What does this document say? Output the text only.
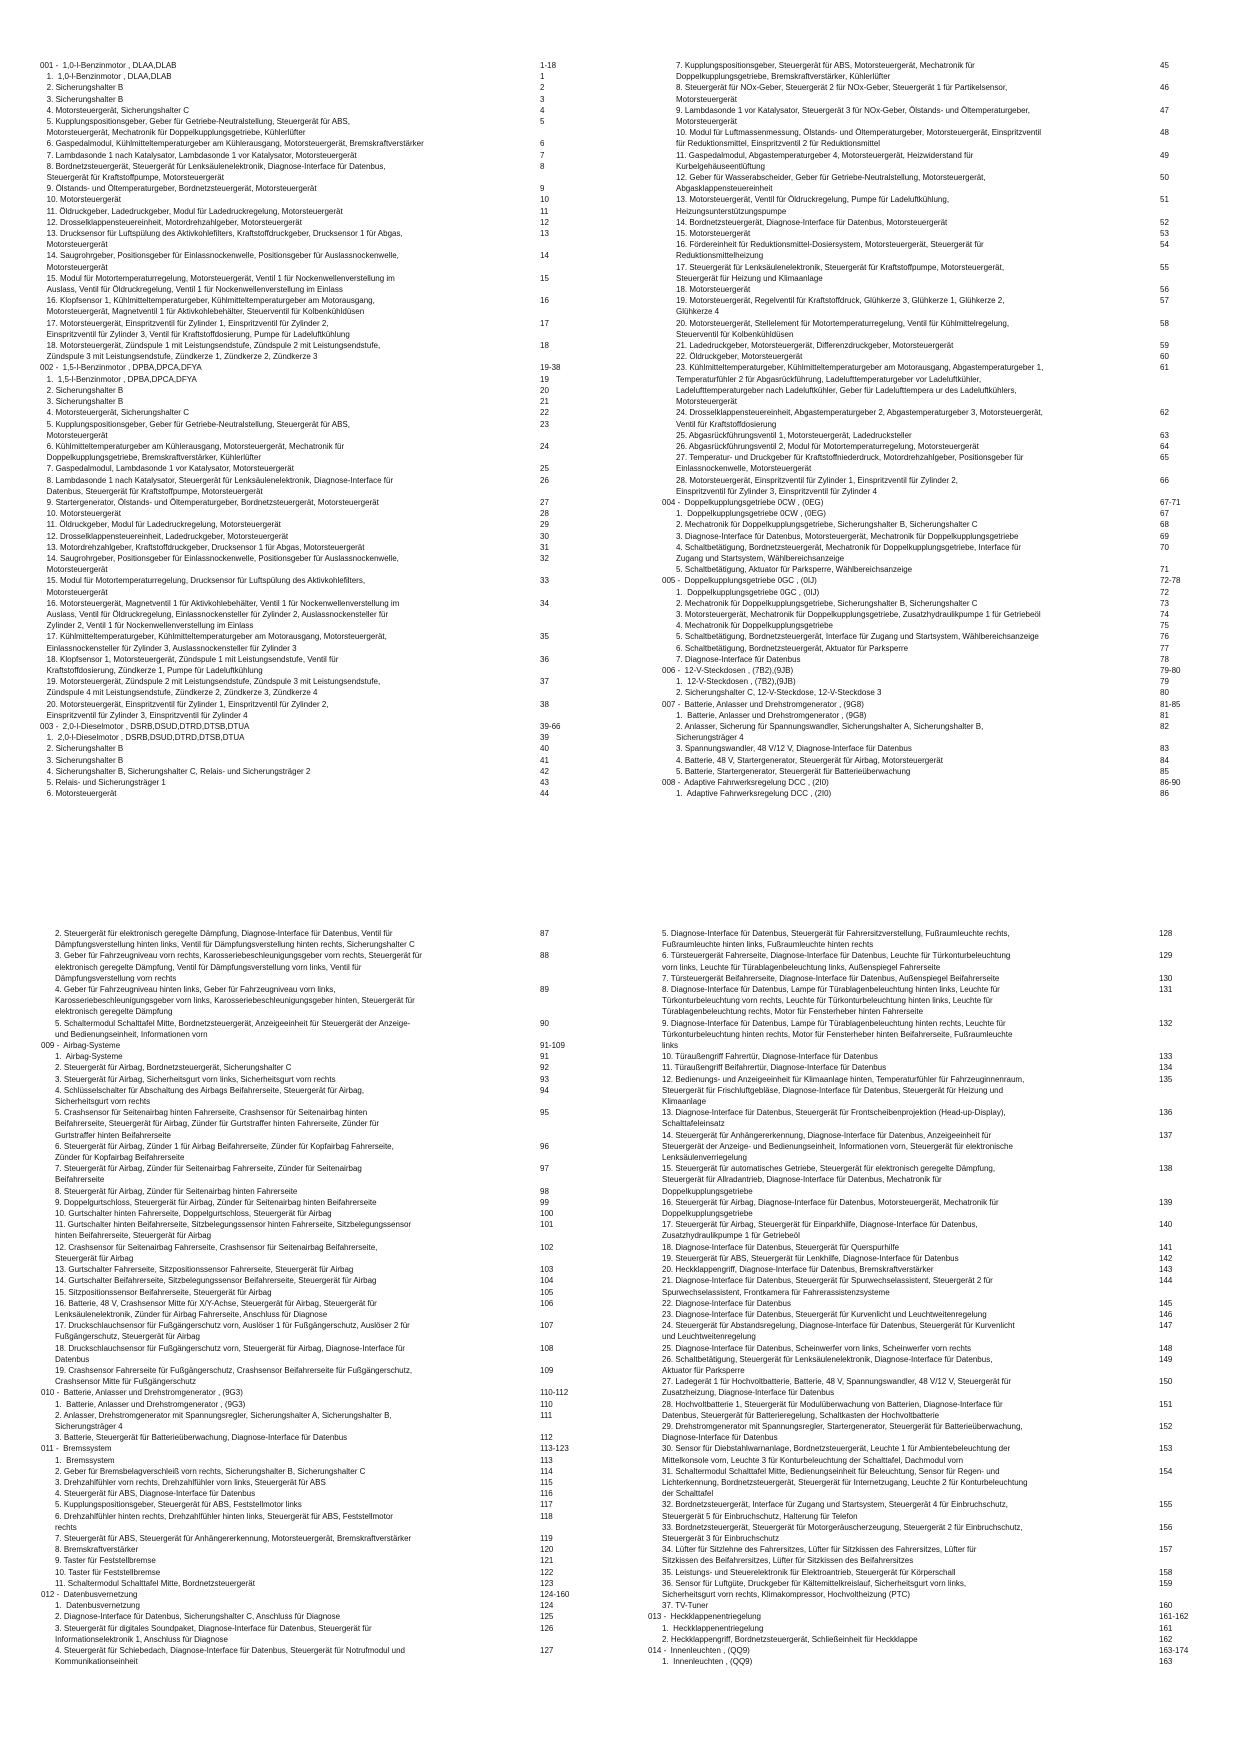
001 -  1,0-l-Benzinmotor , DLAA,DLAB	1-18
1.  1,0-l-Benzinmotor , DLAA,DLAB	1
2. Sicherungshalter B	2
3. Sicherungshalter B	3
4. Motorsteuergerät, Sicherungshalter C	4
5. Kupplungspositionsgeber, Geber für Getriebe-Neutralstellung, Steuergerät für ABS,
Motorsteuergerät, Mechatronik für Doppelkupplungsgetriebe, Kühlerlüfter
5
6. Gaspedalmodul, Kühlmitteltemperaturgeber am Kühlerausgang, Motorsteuergerät, Bremskraftverstärker	6
7. Lambdasonde 1 nach Katalysator, Lambdasonde 1 vor Katalysator, Motorsteuergerät	7
8. Bordnetzsteuergerät, Steuergerät für Lenksäulenelektronik, Diagnose-Interface für Datenbus,
Steuergerät für Kraftstoffpumpe, Motorsteuergerät
8
9. Ölstands- und Öltemperaturgeber, Bordnetzsteuergerät, Motorsteuergerät	9
10. Motorsteuergerät	10
11. Öldruckgeber, Ladedruckgeber, Modul für Ladedruckregelung, Motorsteuergerät	11
12. Drosselklappensteuereinheit, Motordrehzahlgeber, Motorsteuergerät	12
13. Drucksensor für Luftspülung des Aktivkohlefilters, Kraftstoffdruckgeber, Drucksensor 1 für Abgas,
Motorsteuergerät
13
14. Saugrohrgeber, Positionsgeber für Einlassnockenwelle, Positionsgeber für Auslassnockenwelle,
Motorsteuergerät
14
15. Modul für Motortemperaturregelung, Motorsteuergerät, Ventil 1 für Nockenwellenverstellung im
Auslass, Ventil für Öldruckregelung, Ventil 1 für Nockenwellenverstellung im Einlass
15
16. Klopfsensor 1, Kühlmitteltemperaturgeber, Kühlmitteltemperaturgeber am Motorausgang,
Motorsteuergerät, Magnetventil 1 für Aktivkohlebehälter, Steuerventil für Kolbenkühldüsen
16
17. Motorsteuergerät, Einspritzventil für Zylinder 1, Einspritzventil für Zylinder 2,
Einspritzventil für Zylinder 3, Ventil für Kraftstoffdosierung, Pumpe für Ladeluftkühlung
17
18. Motorsteuergerät, Zündspule 1 mit Leistungsendstufe, Zündspule 2 mit Leistungsendstufe,
Zündspule 3 mit Leistungsendstufe, Zündkerze 1, Zündkerze 2, Zündkerze 3
18
002 -  1,5-l-Benzinmotor , DPBA,DPCA,DFYA	19-38
1.  1,5-l-Benzinmotor , DPBA,DPCA,DFYA	19
2. Sicherungshalter B	20
3. Sicherungshalter B	21
4. Motorsteuergerät, Sicherungshalter C	22
5. Kupplungspositionsgeber, Geber für Getriebe-Neutralstellung, Steuergerät für ABS,
Motorsteuergerät
23
6. Kühlmitteltemperaturgeber am Kühlerausgang, Motorsteuergerät, Mechatronik für
Doppelkupplungsgetriebe, Bremskraftverstärker, Kühlerlüfter
24
7. Gaspedalmodul, Lambdasonde 1 vor Katalysator, Motorsteuergerät	25
8. Lambdasonde 1 nach Katalysator, Steuergerät für Lenksäulenelektronik, Diagnose-Interface für
Datenbus, Steuergerät für Kraftstoffpumpe, Motorsteuergerät
26
9. Startergenerator, Ölstands- und Öltemperaturgeber, Bordnetzsteuergerät, Motorsteuergerät	27
10. Motorsteuergerät	28
11. Öldruckgeber, Modul für Ladedruckregelung, Motorsteuergerät	29
12. Drosselklappensteuereinheit, Ladedruckgeber, Motorsteuergerät	30
13. Motordrehzahlgeber, Kraftstoffdruckgeber, Drucksensor 1 für Abgas, Motorsteuergerät	31
14. Saugrohrgeber, Positionsgeber für Einlassnockenwelle, Positionsgeber für Auslassnockenwelle,
Motorsteuergerät
32
15. Modul für Motortemperaturregelung, Drucksensor für Luftspülung des Aktivkohlefilters,
Motorsteuergerät
33
16. Motorsteuergerät, Magnetventil 1 für Aktivkohlebehälter, Ventil 1 für Nockenwellenverstellung im
Auslass, Ventil für Öldruckregelung, Einlassnockensteller für Zylinder 2, Auslassnockensteller für
Zylinder 2, Ventil 1 für Nockenwellenverstellung im Einlass
34
17. Kühlmitteltemperaturgeber, Kühlmitteltemperaturgeber am Motorausgang, Motorsteuergerät,
Einlassnockensteller für Zylinder 3, Auslassnockensteller für Zylinder 3
35
18. Klopfsensor 1, Motorsteuergerät, Zündspule 1 mit Leistungsendstufe, Ventil für
Kraftstoffdosierung, Zündkerze 1, Pumpe für Ladeluftkühlung
36
19. Motorsteuergerät, Zündspule 2 mit Leistungsendstufe, Zündspule 3 mit Leistungsendstufe,
Zündspule 4 mit Leistungsendstufe, Zündkerze 2, Zündkerze 3, Zündkerze 4
37
20. Motorsteuergerät, Einspritzventil für Zylinder 1, Einspritzventil für Zylinder 2,
Einspritzventil für Zylinder 3, Einspritzventil für Zylinder 4
38
003 -  2,0-l-Dieselmotor , DSRB,DSUD,DTRD,DTSB,DTUA	39-66
1.  2,0-l-Dieselmotor , DSRB,DSUD,DTRD,DTSB,DTUA	39
2. Sicherungshalter B	40
3. Sicherungshalter B	41
4. Sicherungshalter B, Sicherungshalter C, Relais- und Sicherungsträger 2	42
5. Relais- und Sicherungsträger 1	43
6. Motorsteuergerät	44
7. Kupplungspositionsgeber, Steuergerät für ABS, Motorsteuergerät, Mechatronik für
Doppelkupplungsgetriebe, Bremskraftverstärker, Kühlerlüfter
45
8. Steuergerät für NOx-Geber, Steuergerät 2 für NOx-Geber, Steuergerät 1 für Partikelsensor,
Motorsteuergerät
46
9. Lambdasonde 1 vor Katalysator, Steuergerät 3 für NOx-Geber, Ölstands- und Öltemperaturgeber,
Motorsteuergerät
47
10. Modul für Luftmassenmessung, Ölstands- und Öltemperaturgeber, Motorsteuergerät, Einspritzventil
für Reduktionsmittel, Einspritzventil 2 für Reduktionsmittel
48
11. Gaspedalmodul, Abgastemperaturgeber 4, Motorsteuergerät, Heizwiderstand für
Kurbelgehäuseentlüftung
49
12. Geber für Wasserabscheider, Geber für Getriebe-Neutralstellung, Motorsteuergerät,
Abgasklappensteuereinheit
50
13. Motorsteuergerät, Ventil für Öldruckregelung, Pumpe für Ladeluftkühlung,
Heizungsunterstützungspumpe
51
14. Bordnetzsteuergerät, Diagnose-Interface für Datenbus, Motorsteuergerät	52
15. Motorsteuergerät	53
16. Fördereinheit für Reduktionsmittel-Dosiersystem, Motorsteuergerät, Steuergerät für
Reduktionsmittelheizung
54
17. Steuergerät für Lenksäulenelektronik, Steuergerät für Kraftstoffpumpe, Motorsteuergerät,
Steuergerät für Heizung und Klimaanlage
55
18. Motorsteuergerät	56
19. Motorsteuergerät, Regelventil für Kraftstoffdruck, Glühkerze 3, Glühkerze 1, Glühkerze 2,
Glühkerze 4
57
20. Motorsteuergerät, Stellelement für Motortemperaturregelung, Ventil für Kühlmittelregelung,
Steuerventil für Kolbenkühldüsen
58
21. Ladedruckgeber, Motorsteuergerät, Differenzdruckgeber, Motorsteuergerät	59
22. Öldruckgeber, Motorsteuergerät	60
23. Kühlmitteltemperaturgeber, Kühlmitteltemperaturgeber am Motorausgang, Abgastemperaturgeber 1,
Temperaturfühler 2 für Abgasrückführung, Ladelufttemperaturgeber vor Ladeluftkühler,
Ladelufttemperaturgeber nach Ladeluftkühler, Geber für Ladelufttempera ur des Ladeluftkühlers,
Motorsteuergerät
61
24. Drosselklappensteuereinheit, Abgastemperaturgeber 2, Abgastemperaturgeber 3, Motorsteuergerät,
Ventil für Kraftstoffdosierung
62
25. Abgasrückführungsventil 1, Motorsteuergerät, Ladedrucksteller	63
26. Abgasrückführungsventil 2, Modul für Motortemperaturregelung, Motorsteuergerät	64
27. Temperatur- und Druckgeber für Kraftstoffniederdruck, Motordrehzahlgeber, Positionsgeber für
Einlassnockenwelle, Motorsteuergerät
65
28. Motorsteuergerät, Einspritzventil für Zylinder 1, Einspritzventil für Zylinder 2,
Einspritzventil für Zylinder 3, Einspritzventil für Zylinder 4
66
004 -  Doppelkupplungsgetriebe 0CW , (0EG)	67-71
1.  Doppelkupplungsgetriebe 0CW , (0EG)	67
2. Mechatronik für Doppelkupplungsgetriebe, Sicherungshalter B, Sicherungshalter C	68
3. Diagnose-Interface für Datenbus, Motorsteuergerät, Mechatronik für Doppelkupplungsgetriebe	69
4. Schaltbetätigung, Bordnetzsteuergerät, Mechatronik für Doppelkupplungsgetriebe, Interface für
Zugang und Startsystem, Wählbereichsanzeige
70
5. Schaltbetätigung, Aktuator für Parksperre, Wählbereichsanzeige	71
005 -  Doppelkupplungsgetriebe 0GC , (0IJ)	72-78
1.  Doppelkupplungsgetriebe 0GC , (0IJ)	72
2. Mechatronik für Doppelkupplungsgetriebe, Sicherungshalter B, Sicherungshalter C	73
3. Motorsteuergerät, Mechatronik für Doppelkupplungsgetriebe, Zusatzhydraulikpumpe 1 für Getriebeöl	74
4. Mechatronik für Doppelkupplungsgetriebe	75
5. Schaltbetätigung, Bordnetzsteuergerät, Interface für Zugang und Startsystem, Wählbereichsanzeige	76
6. Schaltbetätigung, Bordnetzsteuergerät, Aktuator für Parksperre	77
7. Diagnose-Interface für Datenbus	78
006 -  12-V-Steckdosen , (7B2),(9JB)	79-80
1.  12-V-Steckdosen , (7B2),(9JB)	79
2. Sicherungshalter C, 12-V-Steckdose, 12-V-Steckdose 3	80
007 -  Batterie, Anlasser und Drehstromgenerator , (9G8)	81-85
1.  Batterie, Anlasser und Drehstromgenerator , (9G8)	81
2. Anlasser, Sicherung für Spannungswandler, Sicherungshalter A, Sicherungshalter B,
Sicherungsträger 4
82
3. Spannungswandler, 48 V/12 V, Diagnose-Interface für Datenbus	83
4. Batterie, 48 V, Startergenerator, Steuergerät für Airbag, Motorsteuergerät	84
5. Batterie, Startergenerator, Steuergerät für Batterieüberwachung	85
008 -  Adaptive Fahrwerksregelung DCC , (2I0)	86-90
1.  Adaptive Fahrwerksregelung DCC , (2I0)	86
2. Steuergerät für elektronisch geregelte Dämpfung, Diagnose-Interface für Datenbus, Ventil für
Dämpfungsverstellung hinten links, Ventil für Dämpfungsverstellung hinten rechts, Sicherungshalter C
87
3. Geber für Fahrzeugniveau vorn rechts, Karosseriebeschleunigungsgeber vorn rechts, Steuergerät für
elektronisch geregelte Dämpfung, Ventil für Dämpfungsverstellung vorn links, Ventil für
Dämpfungsverstellung vorn rechts
88
4. Geber für Fahrzeugniveau hinten links, Geber für Fahrzeugniveau vorn links,
Karosseriebeschleunigungsgeber vorn links, Karosseriebeschleunigungsgeber hinten, Steuergerät für
elektronisch geregelte Dämpfung
89
5. Schaltermodul Schalttafel Mitte, Bordnetzsteuergerät, Anzeigeeinheit für Steuergerät der Anzeige-
und Bedienungseinheit, Informationen vorn
90
009 -  Airbag-Systeme	91-109
1.  Airbag-Systeme	91
2. Steuergerät für Airbag, Bordnetzsteuergerät, Sicherungshalter C	92
3. Steuergerät für Airbag, Sicherheitsgurt vorn links, Sicherheitsgurt vorn rechts	93
4. Schlüsselschalter für Abschaltung des Airbags Beifahrerseite, Steuergerät für Airbag,
Sicherheitsgurt vorn rechts
94
5. Crashsensor für Seitenairbag hinten Fahrerseite, Crashsensor für Seitenairbag hinten
Beifahrerseite, Steuergerät für Airbag, Zünder für Gurtstraffer hinten Fahrerseite, Zünder für
Gurtstraffer hinten Beifahrerseite
95
6. Steuergerät für Airbag, Zünder 1 für Airbag Beifahrerseite, Zünder für Kopfairbag Fahrerseite,
Zünder für Kopfairbag Beifahrerseite
96
7. Steuergerät für Airbag, Zünder für Seitenairbag Fahrerseite, Zünder für Seitenairbag
Beifahrerseite
97
8. Steuergerät für Airbag, Zünder für Seitenairbag hinten Fahrerseite	98
9. Doppelgurtschloss, Steuergerät für Airbag, Zünder für Seitenairbag hinten Beifahrerseite	99
10. Gurtschalter hinten Fahrerseite, Doppelgurtschloss, Steuergerät für Airbag	100
11. Gurtschalter hinten Beifahrerseite, Sitzbelegungssensor hinten Fahrerseite, Sitzbelegungssensor
hinten Beifahrerseite, Steuergerät für Airbag
101
12. Crashsensor für Seitenairbag Fahrerseite, Crashsensor für Seitenairbag Beifahrerseite,
Steuergerät für Airbag
102
13. Gurtschalter Fahrerseite, Sitzpositionssensor Fahrerseite, Steuergerät für Airbag	103
14. Gurtschalter Beifahrerseite, Sitzbelegungssensor Beifahrerseite, Steuergerät für Airbag	104
15. Sitzpositionssensor Beifahrerseite, Steuergerät für Airbag	105
16. Batterie, 48 V, Crashsensor Mitte für X/Y-Achse, Steuergerät für Airbag, Steuergerät für
Lenksäulenelektronik, Zünder für Airbag Fahrerseite, Anschluss für Diagnose
106
17. Druckschlauchsensor für Fußgängerschutz vorn, Auslöser 1 für Fußgängerschutz, Auslöser 2 für
Fußgängerschutz, Steuergerät für Airbag
107
18. Druckschlauchsensor für Fußgängerschutz vorn, Steuergerät für Airbag, Diagnose-Interface für
Datenbus
108
19. Crashsensor Fahrerseite für Fußgängerschutz, Crashsensor Beifahrerseite für Fußgängerschutz,
Crashsensor Mitte für Fußgängerschutz
109
010 -  Batterie, Anlasser und Drehstromgenerator , (9G3)	110-112
1.  Batterie, Anlasser und Drehstromgenerator , (9G3)	110
2. Anlasser, Drehstromgenerator mit Spannungsregler, Sicherungshalter A, Sicherungshalter B,
Sicherungsträger 4
111
3. Batterie, Steuergerät für Batterieüberwachung, Diagnose-Interface für Datenbus	112
011 -  Bremssystem	113-123
1.  Bremssystem	113
2. Geber für Bremsbelagverschleiß vorn rechts, Sicherungshalter B, Sicherungshalter C	114
3. Drehzahlfühler vorn rechts, Drehzahlfühler vorn links, Steuergerät für ABS	115
4. Steuergerät für ABS, Diagnose-Interface für Datenbus	116
5. Kupplungspositionsgeber, Steuergerät für ABS, Feststellmotor links	117
6. Drehzahlfühler hinten rechts, Drehzahlfühler hinten links, Steuergerät für ABS, Feststellmotor
rechts
118
7. Steuergerät für ABS, Steuergerät für Anhängererkennung, Motorsteuergerät, Bremskraftverstärker	119
8. Bremskraftverstärker	120
9. Taster für Feststellbremse	121
10. Taster für Feststellbremse	122
11. Schaltermodul Schalttafel Mitte, Bordnetzsteuergerät	123
012 -  Datenbusvernetzung	124-160
1.  Datenbusvernetzung	124
2. Diagnose-Interface für Datenbus, Sicherungshalter C, Anschluss für Diagnose	125
3. Steuergerät für digitales Soundpaket, Diagnose-Interface für Datenbus, Steuergerät für
Informationselektronik 1, Anschluss für Diagnose
126
4. Steuergerät für Schiebedach, Diagnose-Interface für Datenbus, Steuergerät für Notrufmodul und
Kommunikationseinheit
127
5. Diagnose-Interface für Datenbus, Steuergerät für Fahrersitzverstellung, Fußraumleuchte rechts,
Fußraumleuchte hinten links, Fußraumleuchte hinten rechts
128
6. Türsteuergerät Fahrerseite, Diagnose-Interface für Datenbus, Leuchte für Türkonturbeleuchtung
vorn links, Leuchte für Türablagenbeleuchtung links, Außenspiegel Fahrerseite
129
7. Türsteuergerät Beifahrerseite, Diagnose-Interface für Datenbus, Außenspiegel Beifahrerseite	130
8. Diagnose-Interface für Datenbus, Lampe für Türablagenbeleuchtung hinten links, Leuchte für
Türkonturbeleuchtung vorn rechts, Leuchte für Türkonturbeleuchtung hinten links, Leuchte für
Türablagenbeleuchtung rechts, Motor für Fensterheber hinten Fahrerseite
131
9. Diagnose-Interface für Datenbus, Lampe für Türablagenbeleuchtung hinten rechts, Leuchte für
Türkonturbeleuchtung hinten rechts, Motor für Fensterheber hinten Beifahrerseite, Fußraumleuchte
links
132
10. Türaußengriff Fahrertür, Diagnose-Interface für Datenbus	133
11. Türaußengriff Beifahrertür, Diagnose-Interface für Datenbus	134
12. Bedienungs- und Anzeigeeinheit für Klimaanlage hinten, Temperaturfühler für Fahrzeuginnenraum,
Steuergerät für Frischluftgebläse, Diagnose-Interface für Datenbus, Steuergerät für Heizung und
Klimaanlage
135
13. Diagnose-Interface für Datenbus, Steuergerät für Frontscheibenprojektion (Head-up-Display),
Schalttafeleinsatz
136
14. Steuergerät für Anhängererkennung, Diagnose-Interface für Datenbus, Anzeigeeinheit für
Steuergerät der Anzeige- und Bedienungseinheit, Informationen vorn, Steuergerät für elektronische
Lenksäulenverriegelung
137
15. Steuergerät für automatisches Getriebe, Steuergerät für elektronisch geregelte Dämpfung,
Steuergerät für Allradantrieb, Diagnose-Interface für Datenbus, Mechatronik für
Doppelkupplungsgetriebe
138
16. Steuergerät für Airbag, Diagnose-Interface für Datenbus, Motorsteuergerät, Mechatronik für
Doppelkupplungsgetriebe
139
17. Steuergerät für Airbag, Steuergerät für Einparkhilfe, Diagnose-Interface für Datenbus,
Zusatzhydraulikpumpe 1 für Getriebeöl
140
18. Diagnose-Interface für Datenbus, Steuergerät für Querspurhilfe	141
19. Steuergerät für ABS, Steuergerät für Lenkhilfe, Diagnose-Interface für Datenbus	142
20. Heckklappengriff, Diagnose-Interface für Datenbus, Bremskraftverstärker	143
21. Diagnose-Interface für Datenbus, Steuergerät für Spurwechselassistent, Steuergerät 2 für
Spurwechselassistent, Frontkamera für Fahrerassistenzsysteme
144
22. Diagnose-Interface für Datenbus	145
23. Diagnose-Interface für Datenbus, Steuergerät für Kurvenlicht und Leuchtweitenregelung	146
24. Steuergerät für Abstandsregelung, Diagnose-Interface für Datenbus, Steuergerät für Kurvenlicht
und Leuchtweitenregelung
147
25. Diagnose-Interface für Datenbus, Scheinwerfer vorn links, Scheinwerfer vorn rechts	148
26. Schaltbetätigung, Steuergerät für Lenksäulenelektronik, Diagnose-Interface für Datenbus,
Aktuator für Parksperre
149
27. Ladegerät 1 für Hochvoltbatterie, Batterie, 48 V, Spannungswandler, 48 V/12 V, Steuergerät für
Zusatzheizung, Diagnose-Interface für Datenbus
150
28. Hochvoltbatterie 1, Steuergerät für Modulüberwachung von Batterien, Diagnose-Interface für
Datenbus, Steuergerät für Batterieregelung, Schaltkasten der Hochvoltbatterie
151
29. Drehstromgenerator mit Spannungsregler, Startergenerator, Steuergerät für Batterieüberwachung,
Diagnose-Interface für Datenbus
152
30. Sensor für Diebstahlwarnanlage, Bordnetzsteuergerät, Leuchte 1 für Ambientebeleuchtung der
Mittelkonsole vorn, Leuchte 3 für Konturbeleuchtung der Schalttafel, Dachmodul vorn
153
31. Schaltermodul Schalttafel Mitte, Bedienungseinheit für Beleuchtung, Sensor für Regen- und
Lichterkennung, Bordnetzsteuergerät, Steuergerät für Internetzugang, Leuchte 2 für Konturbeleuchtung
der Schalttafel
154
32. Bordnetzsteuergerät, Interface für Zugang und Startsystem, Steuergerät 4 für Einbruchschutz,
Steuergerät 5 für Einbruchschutz, Halterung für Telefon
155
33. Bordnetzsteuergerät, Steuergerät für Motorgeräuscherzeugung, Steuergerät 2 für Einbruchschutz,
Steuergerät 3 für Einbruchschutz
156
34. Lüfter für Sitzlehne des Fahrersitzes, Lüfter für Sitzkissen des Fahrersitzes, Lüfter für
Sitzkissen des Beifahrersitzes, Lüfter für Sitzkissen des Beifahrersitzes
157
35. Leistungs- und Steuerelektronik für Elektroantrieb, Steuergerät für Körperschall	158
36. Sensor für Luftgüte, Druckgeber für Kältemittelkreislauf, Sicherheitsgurt vorn links,
Sicherheitsgurt vorn rechts, Klimakompressor, Hochvoltheizung (PTC)
159
37. TV-Tuner	160
013 -  Heckklappenentriegelung	161-162
1.  Heckklappenentriegelung	161
2. Heckklappengriff, Bordnetzsteuergerät, Schließeinheit für Heckklappe	162
014 -  Innenleuchten , (QQ9)	163-174
1.  Innenleuchten , (QQ9)	163
